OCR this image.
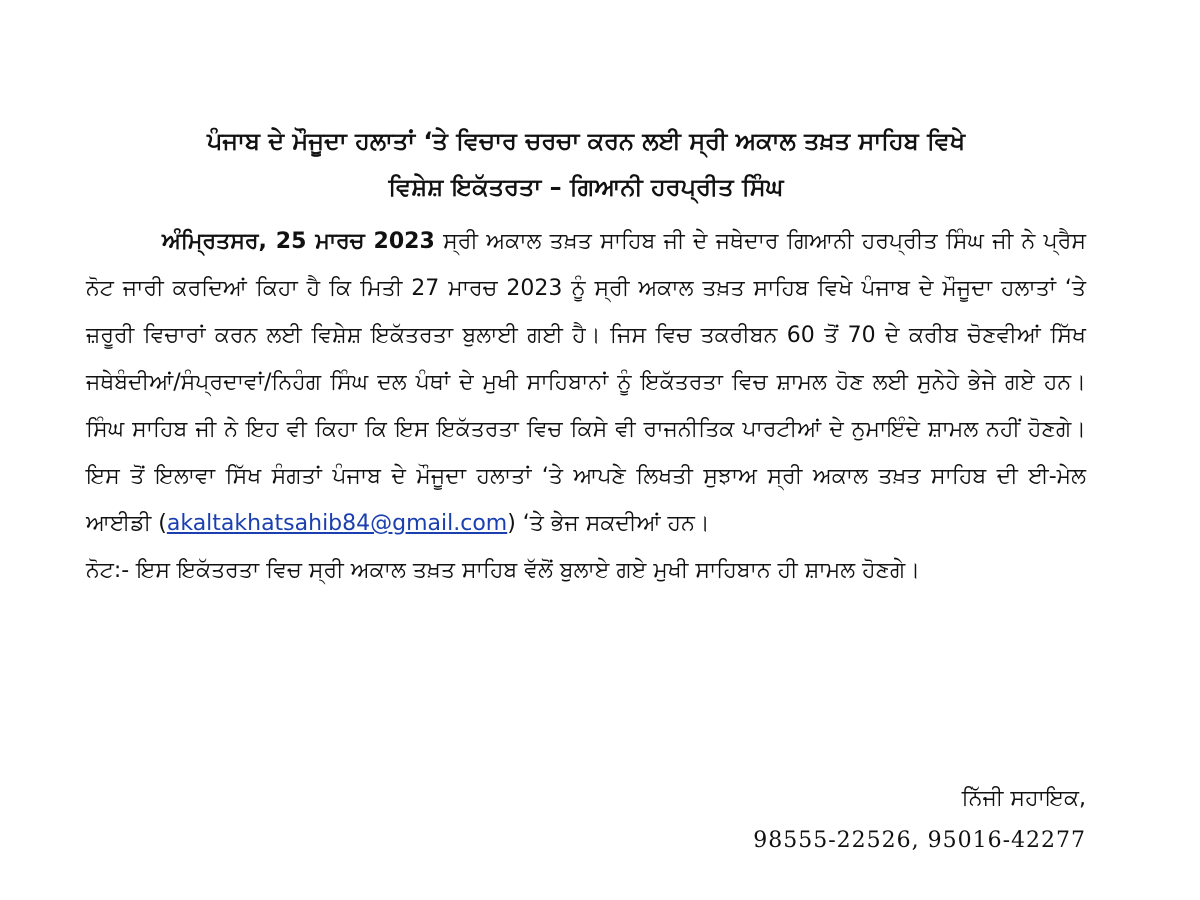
ਪੰਜਾਬ ਦੇ ਮੌਜੂਦਾ ਹਲਾਤਾਂ ‘ਤੇ ਵਿਚਾਰ ਚਰਚਾ ਕਰਨ ਲਈ ਸ੍ਰੀ ਅਕਾਲ ਤਖ਼ਤ ਸਾਹਿਬ ਵਿਖੇ
ਵਿਸ਼ੇਸ਼ ਇਕੱਤਰਤਾ – ਗਿਆਨੀ ਹਰਪ੍ਰੀਤ ਸਿੰਘ

ਅੰਮ੍ਰਿਤਸਰ, 25 ਮਾਰਚ 2023 ਸ੍ਰੀ ਅਕਾਲ ਤਖ਼ਤ ਸਾਹਿਬ ਜੀ ਦੇ ਜਥੇਦਾਰ ਗਿਆਨੀ ਹਰਪ੍ਰੀਤ ਸਿੰਘ ਜੀ ਨੇ ਪ੍ਰੈਸ ਨੋਟ ਜਾਰੀ ਕਰਦਿਆਂ ਕਿਹਾ ਹੈ ਕਿ ਮਿਤੀ 27 ਮਾਰਚ 2023 ਨੂੰ ਸ੍ਰੀ ਅਕਾਲ ਤਖ਼ਤ ਸਾਹਿਬ ਵਿਖੇ ਪੰਜਾਬ ਦੇ ਮੌਜੂਦਾ ਹਲਾਤਾਂ ‘ਤੇ ਜ਼ਰੂਰੀ ਵਿਚਾਰਾਂ ਕਰਨ ਲਈ ਵਿਸ਼ੇਸ਼ ਇਕੱਤਰਤਾ ਬੁਲਾਈ ਗਈ ਹੈ। ਜਿਸ ਵਿਚ ਤਕਰੀਬਨ 60 ਤੋਂ 70 ਦੇ ਕਰੀਬ ਚੋਣਵੀਆਂ ਸਿੱਖ ਜਥੇਬੰਦੀਆਂ/ਸੰਪ੍ਰਦਾਵਾਂ/ਨਿਹੰਗ ਸਿੰਘ ਦਲ ਪੰਥਾਂ ਦੇ ਮੁਖੀ ਸਾਹਿਬਾਨਾਂ ਨੂੰ ਇਕੱਤਰਤਾ ਵਿਚ ਸ਼ਾਮਲ ਹੋਣ ਲਈ ਸੁਨੇਹੇ ਭੇਜੇ ਗਏ ਹਨ। ਸਿੰਘ ਸਾਹਿਬ ਜੀ ਨੇ ਇਹ ਵੀ ਕਿਹਾ ਕਿ ਇਸ ਇਕੱਤਰਤਾ ਵਿਚ ਕਿਸੇ ਵੀ ਰਾਜਨੀਤਿਕ ਪਾਰਟੀਆਂ ਦੇ ਨੁਮਾਇੰਦੇ ਸ਼ਾਮਲ ਨਹੀਂ ਹੋਣਗੇ। ਇਸ ਤੋਂ ਇਲਾਵਾ ਸਿੱਖ ਸੰਗਤਾਂ ਪੰਜਾਬ ਦੇ ਮੌਜੂਦਾ ਹਲਾਤਾਂ ‘ਤੇ ਆਪਣੇ ਲਿਖਤੀ ਸੁਝਾਅ ਸ੍ਰੀ ਅਕਾਲ ਤਖ਼ਤ ਸਾਹਿਬ ਦੀ ਈ-ਮੇਲ ਆਈਡੀ (akaltakhatsahib84@gmail.com) ‘ਤੇ ਭੇਜ ਸਕਦੀਆਂ ਹਨ।

ਨੋਟ:- ਇਸ ਇਕੱਤਰਤਾ ਵਿਚ ਸ੍ਰੀ ਅਕਾਲ ਤਖ਼ਤ ਸਾਹਿਬ ਵੱਲੋਂ ਬੁਲਾਏ ਗਏ ਮੁਖੀ ਸਾਹਿਬਾਨ ਹੀ ਸ਼ਾਮਲ ਹੋਣਗੇ।

ਨਿੱਜੀ ਸਹਾਇਕ,
98555-22526, 95016-42277
